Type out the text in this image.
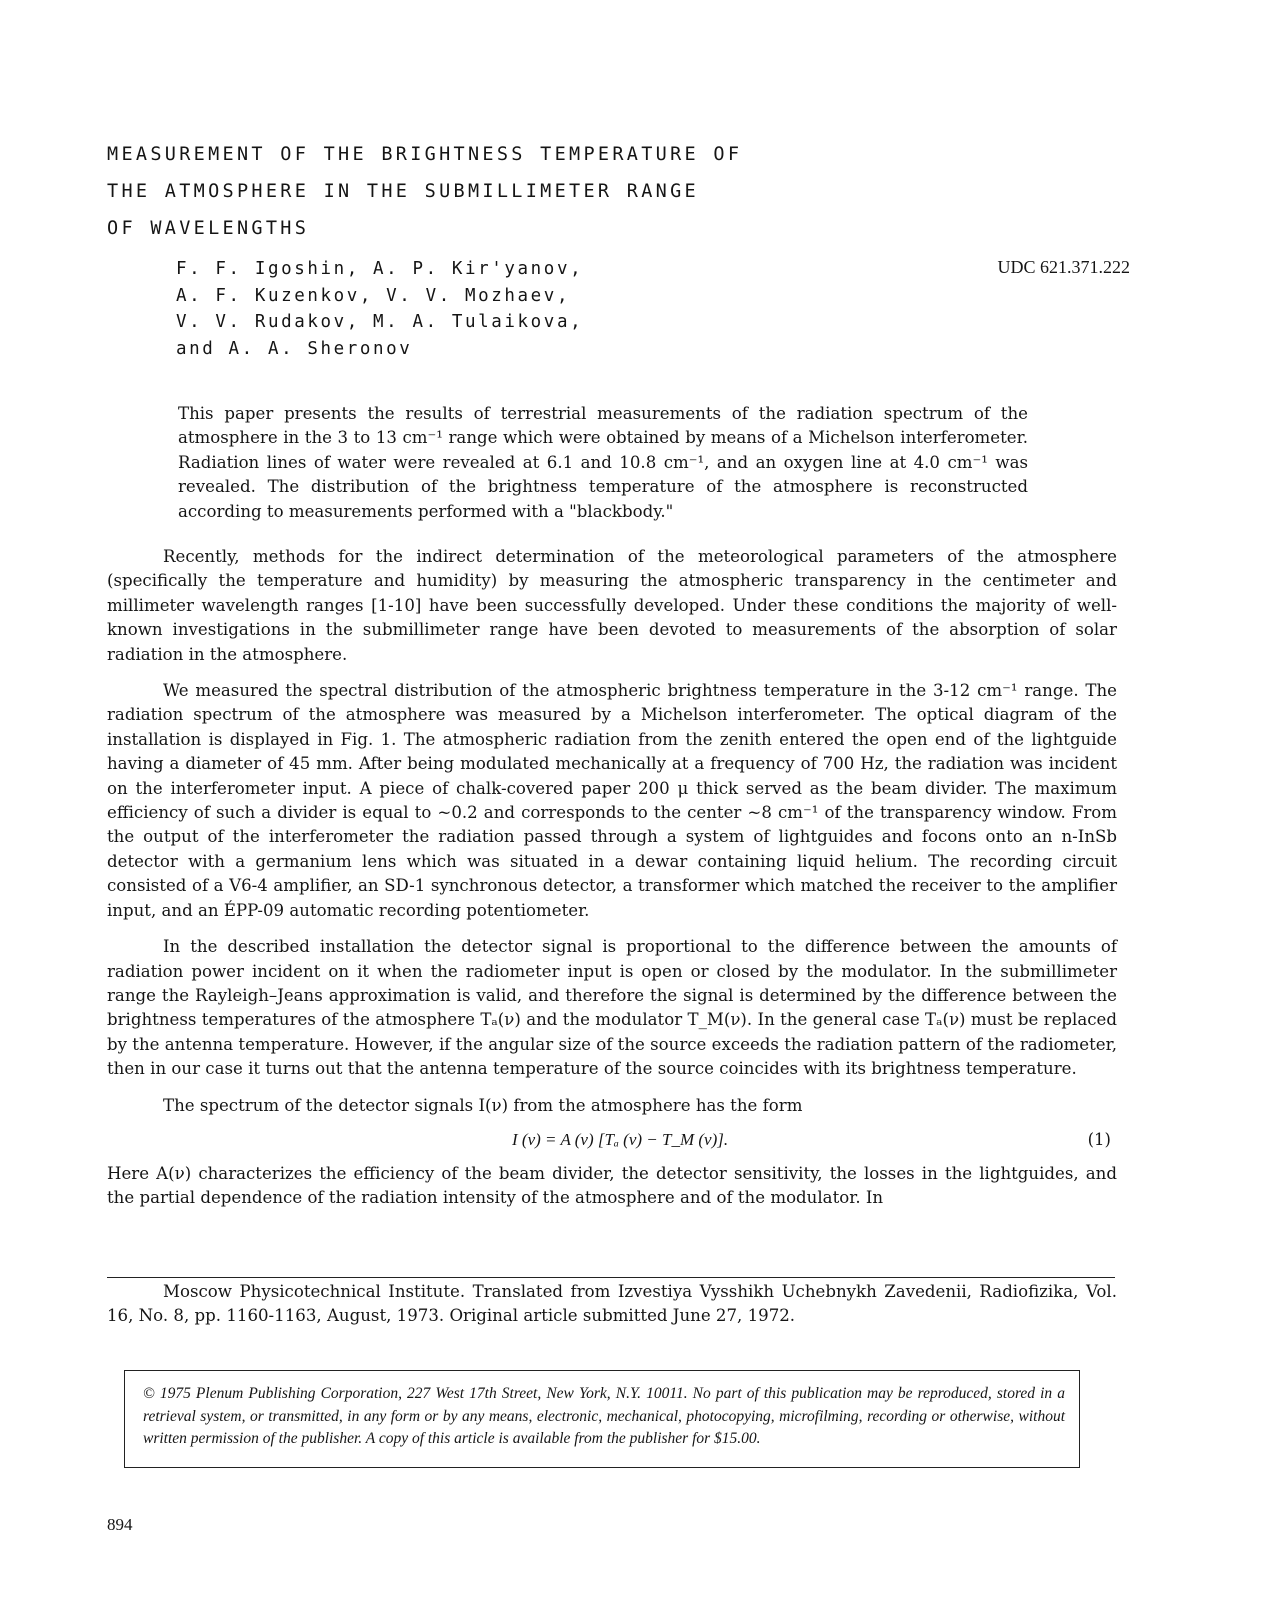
MEASUREMENT OF THE BRIGHTNESS TEMPERATURE OF
THE ATMOSPHERE IN THE SUBMILLIMETER RANGE
OF WAVELENGTHS
F. F. Igoshin, A. P. Kir'yanov,
A. F. Kuzenkov, V. V. Mozhaev,
V. V. Rudakov, M. A. Tulaikova,
and A. A. Sheronov
UDC 621.371.222
This paper presents the results of terrestrial measurements of the radiation spectrum of the atmosphere in the 3 to 13 cm⁻¹ range which were obtained by means of a Michelson interferometer. Radiation lines of water were revealed at 6.1 and 10.8 cm⁻¹, and an oxygen line at 4.0 cm⁻¹ was revealed. The distribution of the brightness temperature of the atmosphere is reconstructed according to measurements performed with a "blackbody."

Recently, methods for the indirect determination of the meteorological parameters of the atmosphere (specifically the temperature and humidity) by measuring the atmospheric transparency in the centimeter and millimeter wavelength ranges [1-10] have been successfully developed. Under these conditions the majority of well-known investigations in the submillimeter range have been devoted to measurements of the absorption of solar radiation in the atmosphere.

We measured the spectral distribution of the atmospheric brightness temperature in the 3-12 cm⁻¹ range. The radiation spectrum of the atmosphere was measured by a Michelson interferometer. The optical diagram of the installation is displayed in Fig. 1. The atmospheric radiation from the zenith entered the open end of the lightguide having a diameter of 45 mm. After being modulated mechanically at a frequency of 700 Hz, the radiation was incident on the interferometer input. A piece of chalk-covered paper 200 μ thick served as the beam divider. The maximum efficiency of such a divider is equal to ~0.2 and corresponds to the center ~8 cm⁻¹ of the transparency window. From the output of the interferometer the radiation passed through a system of lightguides and focons onto an n-InSb detector with a germanium lens which was situated in a dewar containing liquid helium. The recording circuit consisted of a V6-4 amplifier, an SD-1 synchronous detector, a transformer which matched the receiver to the amplifier input, and an ÉPP-09 automatic recording potentiometer.

In the described installation the detector signal is proportional to the difference between the amounts of radiation power incident on it when the radiometer input is open or closed by the modulator. In the submillimeter range the Rayleigh–Jeans approximation is valid, and therefore the signal is determined by the difference between the brightness temperatures of the atmosphere Tₐ(ν) and the modulator T_M(ν). In the general case Tₐ(ν) must be replaced by the antenna temperature. However, if the angular size of the source exceeds the radiation pattern of the radiometer, then in our case it turns out that the antenna temperature of the source coincides with its brightness temperature.

The spectrum of the detector signals I(ν) from the atmosphere has the form

I (ν) = A (ν) [Tₐ (ν) − T_M (ν)].	(1)

Here A(ν) characterizes the efficiency of the beam divider, the detector sensitivity, the losses in the lightguides, and the partial dependence of the radiation intensity of the atmosphere and of the modulator. In

Moscow Physicotechnical Institute. Translated from Izvestiya Vysshikh Uchebnykh Zavedenii, Radiofizika, Vol. 16, No. 8, pp. 1160-1163, August, 1973. Original article submitted June 27, 1972.
© 1975 Plenum Publishing Corporation, 227 West 17th Street, New York, N.Y. 10011. No part of this publication may be reproduced, stored in a retrieval system, or transmitted, in any form or by any means, electronic, mechanical, photocopying, microfilming, recording or otherwise, without written permission of the publisher. A copy of this article is available from the publisher for $15.00.
894
